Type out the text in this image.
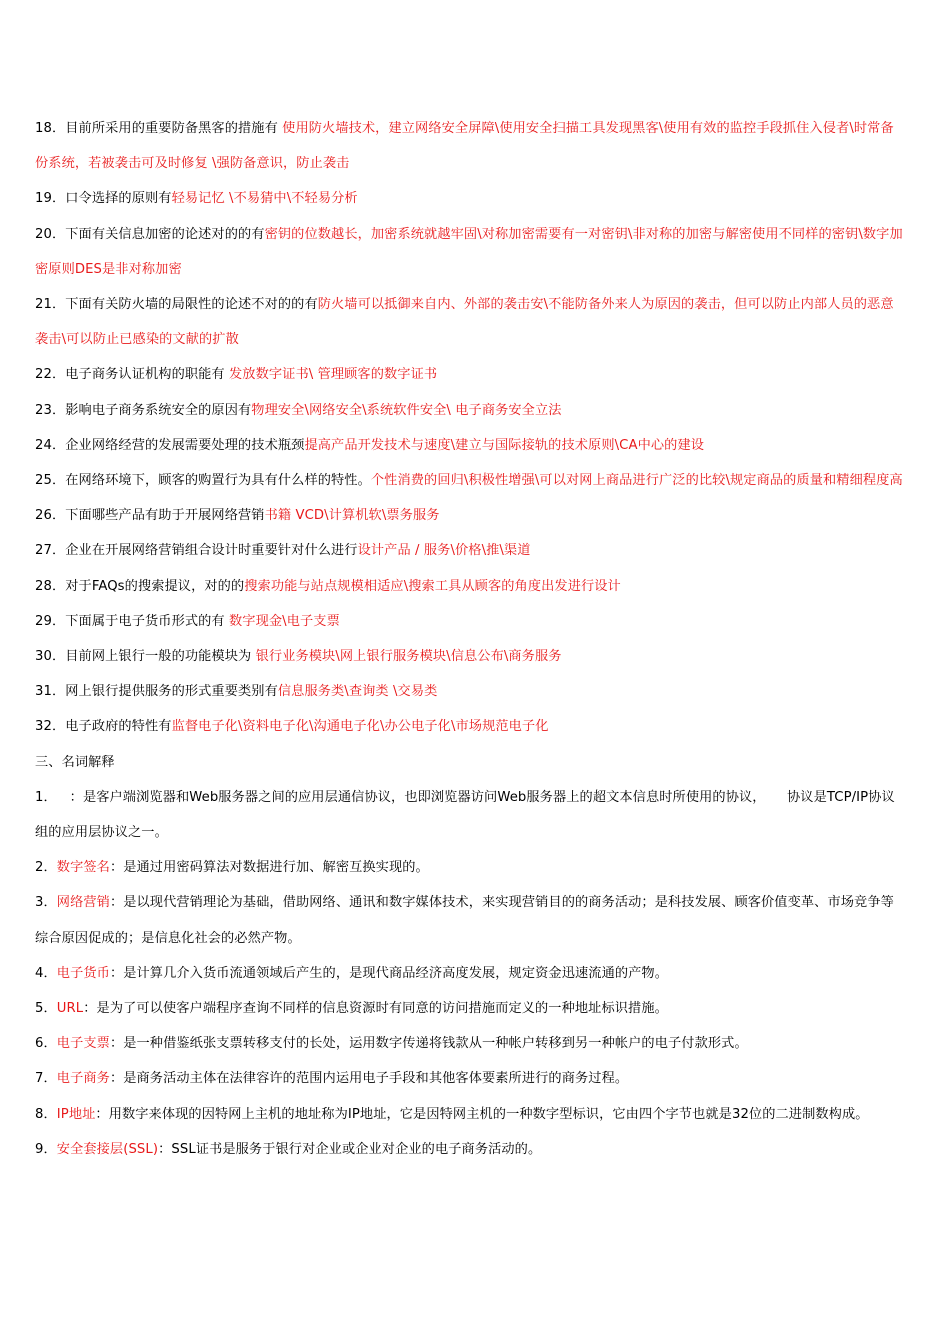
18．目前所采用的重要防备黑客的措施有 使用防火墙技术，建立网络安全屏障\使用安全扫描工具发现黑客\使用有效的监控手段抓住入侵者\时常备份系统，若被袭击可及时修复 \强防备意识，防止袭击

19．口令选择的原则有轻易记忆 \不易猜中\不轻易分析

20．下面有关信息加密的论述对的的有密钥的位数越长，加密系统就越牢固\对称加密需要有一对密钥\非对称的加密与解密使用不同样的密钥\数字加密原则DES是非对称加密

21．下面有关防火墙的局限性的论述不对的的有防火墙可以抵御来自内、外部的袭击安\不能防备外来人为原因的袭击，但可以防止内部人员的恶意袭击\可以防止已感染的文献的扩散

22．电子商务认证机构的职能有 发放数字证书\ 管理顾客的数字证书

23．影响电子商务系统安全的原因有物理安全\网络安全\系统软件安全\ 电子商务安全立法

24．企业网络经营的发展需要处理的技术瓶颈提高产品开发技术与速度\建立与国际接轨的技术原则\CA中心的建设

25．在网络环境下，顾客的购置行为具有什么样的特性。个性消费的回归\积极性增强\可以对网上商品进行广泛的比较\规定商品的质量和精细程度高

26．下面哪些产品有助于开展网络营销书籍 VCD\计算机软\票务服务

27．企业在开展网络营销组合设计时重要针对什么进行设计产品 / 服务\价格\推\渠道

28．对于FAQs的搜索提议，对的的搜索功能与站点规模相适应\搜索工具从顾客的角度出发进行设计

29．下面属于电子货币形式的有 数字现金\电子支票

30．目前网上银行一般的功能模块为 银行业务模块\网上银行服务模块\信息公布\商务服务

31．网上银行提供服务的形式重要类别有信息服务类\查询类 \交易类

32．电子政府的特性有监督电子化\资料电子化\沟通电子化\办公电子化\市场规范电子化

三、名词解释

1．   ：是客户端浏览器和Web服务器之间的应用层通信协议，也即浏览器访问Web服务器上的超文本信息时所使用的协议，     协议是TCP/IP协议组的应用层协议之一。

2．数字签名：是通过用密码算法对数据进行加、解密互换实现的。

3．网络营销：是以现代营销理论为基础，借助网络、通讯和数字媒体技术，来实现营销目的的商务活动；是科技发展、顾客价值变革、市场竞争等综合原因促成的；是信息化社会的必然产物。

4．电子货币：是计算几介入货币流通领域后产生的，是现代商品经济高度发展，规定资金迅速流通的产物。

5．URL：是为了可以使客户端程序查询不同样的信息资源时有同意的访问措施而定义的一种地址标识措施。

6．电子支票：是一种借鉴纸张支票转移支付的长处，运用数字传递将钱款从一种帐户转移到另一种帐户的电子付款形式。

7．电子商务：是商务活动主体在法律容许的范围内运用电子手段和其他客体要素所进行的商务过程。

8．IP地址：用数字来体现的因特网上主机的地址称为IP地址，它是因特网主机的一种数字型标识，它由四个字节也就是32位的二进制数构成。

9．安全套接层(SSL)：SSL证书是服务于银行对企业或企业对企业的电子商务活动的。
